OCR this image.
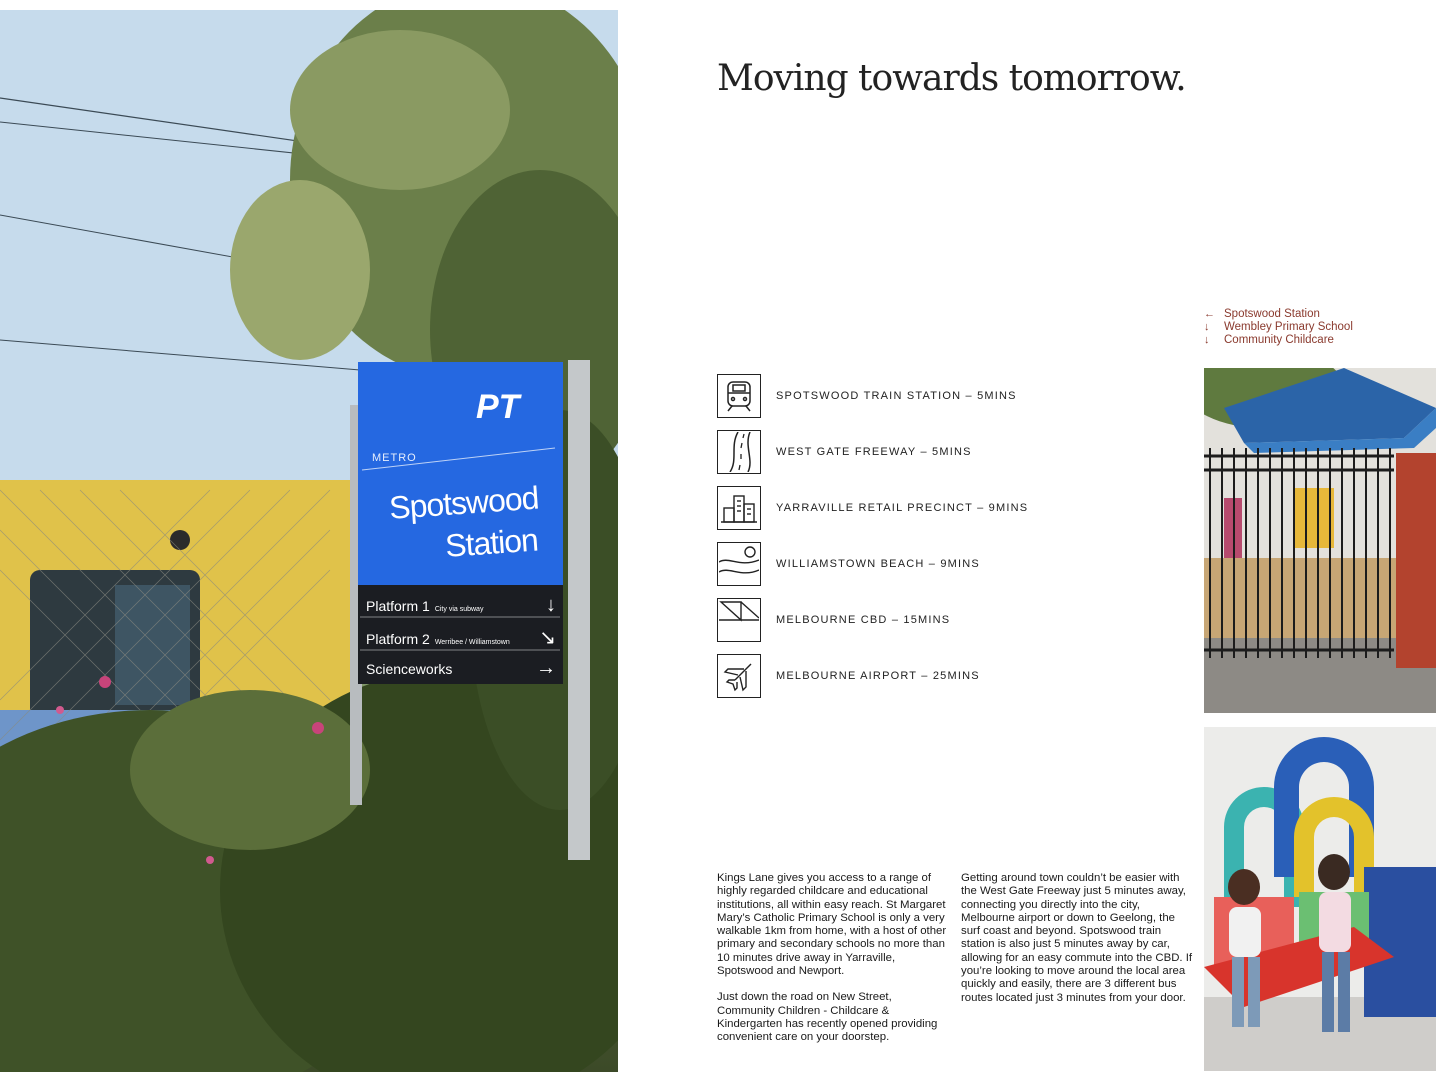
PT
METRO
Spotswood
Station
Platform 1 City via subway	↓
Platform 2 Werribee / Williamstown ↘
Scienceworks	→
Moving towards tomorrow.
← Spotswood Station
↓	Wembley Primary School
↓	Community Childcare
SPOTSWOOD TRAIN STATION – 5MINS
WEST GATE FREEWAY – 5MINS
YARRAVILLE RETAIL PRECINCT – 9MINS
WILLIAMSTOWN BEACH – 9MINS
MELBOURNE CBD – 15MINS
MELBOURNE AIRPORT – 25MINS

Kings Lane gives you access to a range of highly regarded childcare and educational institutions, all within easy reach. St Margaret Mary’s Catholic Primary School is only a very walkable 1km from home, with a host of other primary and secondary schools no more than 10 minutes drive away in Yarraville, Spotswood and Newport.

Just down the road on New Street, Community Children - Childcare & Kindergarten has recently opened providing convenient care on your doorstep.

Getting around town couldn’t be easier with the West Gate Freeway just 5 minutes away, connecting you directly into the city, Melbourne airport or down to Geelong, the surf coast and beyond. Spotswood train station is also just 5 minutes away by car, allowing for an easy commute into the CBD. If you’re looking to move around the local area quickly and easily, there are 3 different bus routes located just 3 minutes from your door.
